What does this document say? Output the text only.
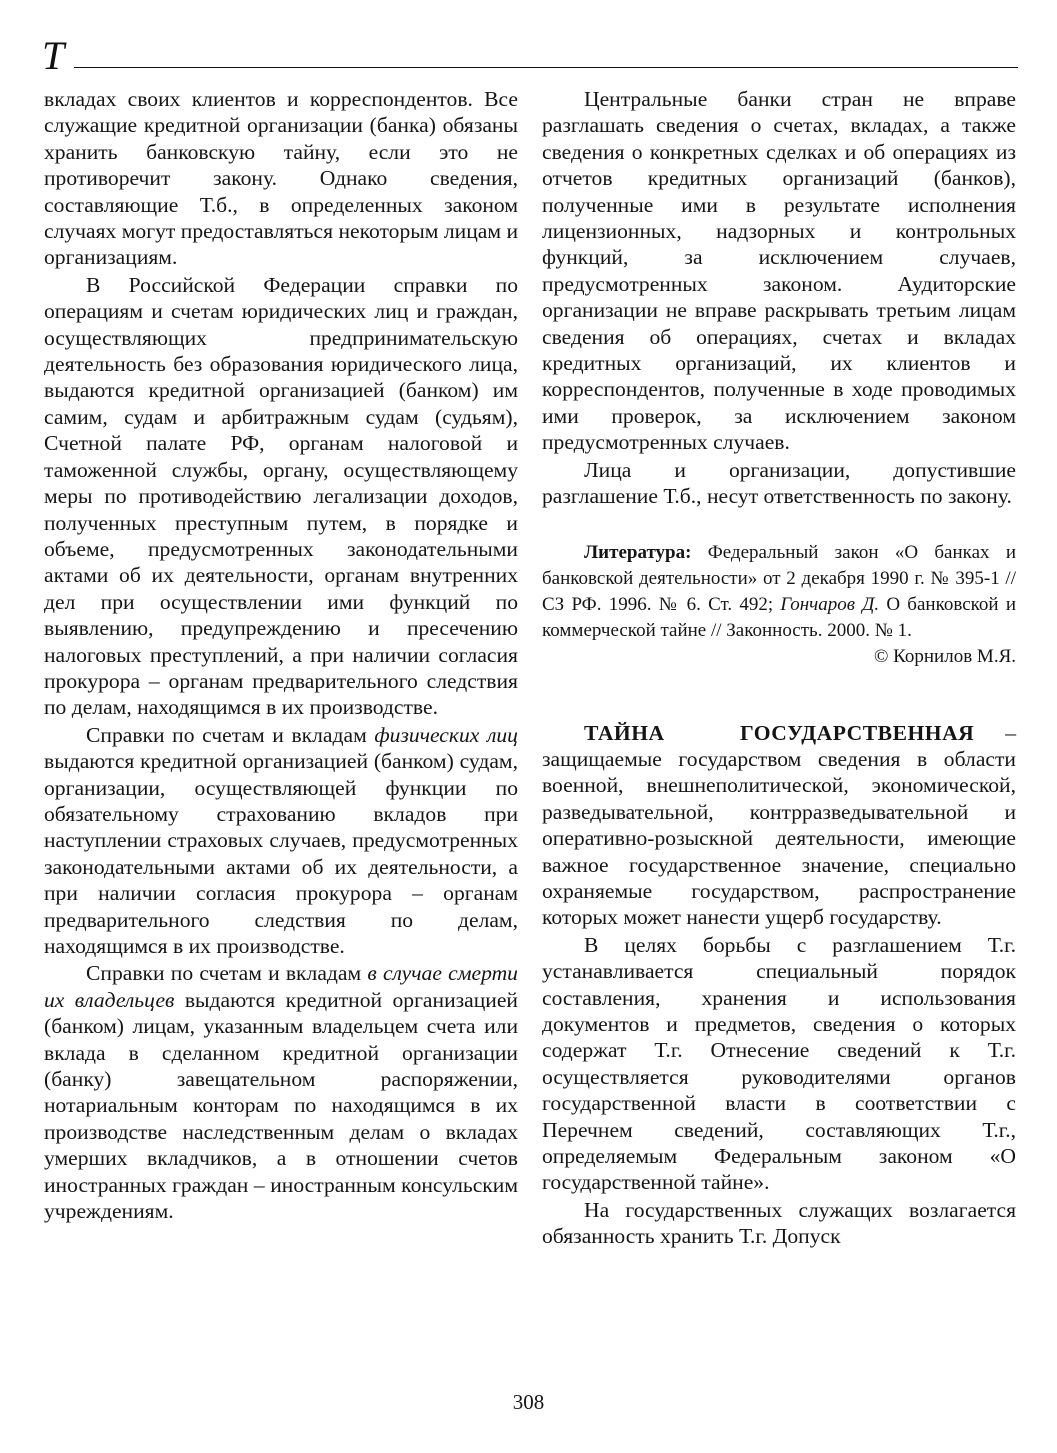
Т

вкладах своих клиентов и корреспондентов. Все служащие кредитной организации (банка) обязаны хранить банковскую тайну, если это не противоречит закону. Однако сведения, составляющие Т.б., в определенных законом случаях могут предоставляться некоторым лицам и организациям.

В Российской Федерации справки по операциям и счетам юридических лиц и граждан, осуществляющих предпринимательскую деятельность без образования юридического лица, выдаются кредитной организацией (банком) им самим, судам и арбитражным судам (судьям), Счетной палате РФ, органам налоговой и таможенной службы, органу, осуществляющему меры по противодействию легализации доходов, полученных преступным путем, в порядке и объеме, предусмотренных законодательными актами об их деятельности, органам внутренних дел при осуществлении ими функций по выявлению, предупреждению и пресечению налоговых преступлений, а при наличии согласия прокурора – органам предварительного следствия по делам, находящимся в их производстве.

Справки по счетам и вкладам физических лиц выдаются кредитной организацией (банком) судам, организации, осуществляющей функции по обязательному страхованию вкладов при наступлении страховых случаев, предусмотренных законодательными актами об их деятельности, а при наличии согласия прокурора – органам предварительного следствия по делам, находящимся в их производстве.

Справки по счетам и вкладам в случае смерти их владельцев выдаются кредитной организацией (банком) лицам, указанным владельцем счета или вклада в сделанном кредитной организации (банку) завещательном распоряжении, нотариальным конторам по находящимся в их производстве наследственным делам о вкладах умерших вкладчиков, а в отношении счетов иностранных граждан – иностранным консульским учреждениям.

Центральные банки стран не вправе разглашать сведения о счетах, вкладах, а также сведения о конкретных сделках и об операциях из отчетов кредитных организаций (банков), полученные ими в результате исполнения лицензионных, надзорных и контрольных функций, за исключением случаев, предусмотренных законом. Аудиторские организации не вправе раскрывать третьим лицам сведения об операциях, счетах и вкладах кредитных организаций, их клиентов и корреспондентов, полученные в ходе проводимых ими проверок, за исключением законом предусмотренных случаев.

Лица и организации, допустившие разглашение Т.б., несут ответственность по закону.

Литература: Федеральный закон «О банках и банковской деятельности» от 2 декабря 1990 г. № 395-1 // СЗ РФ. 1996. № 6. Ст. 492; Гончаров Д. О банковской и коммерческой тайне // Законность. 2000. № 1.

© Корнилов М.Я.

ТАЙНА ГОСУДАРСТВЕННАЯ – защищаемые государством сведения в области военной, внешнеполитической, экономической, разведывательной, контрразведывательной и оперативно-розыскной деятельности, имеющие важное государственное значение, специально охраняемые государством, распространение которых может нанести ущерб государству.

В целях борьбы с разглашением Т.г. устанавливается специальный порядок составления, хранения и использования документов и предметов, сведения о которых содержат Т.г. Отнесение сведений к Т.г. осуществляется руководителями органов государственной власти в соответствии с Перечнем сведений, составляющих Т.г., определяемым Федеральным законом «О государственной тайне».

На государственных служащих возлагается обязанность хранить Т.г. Допуск

308
